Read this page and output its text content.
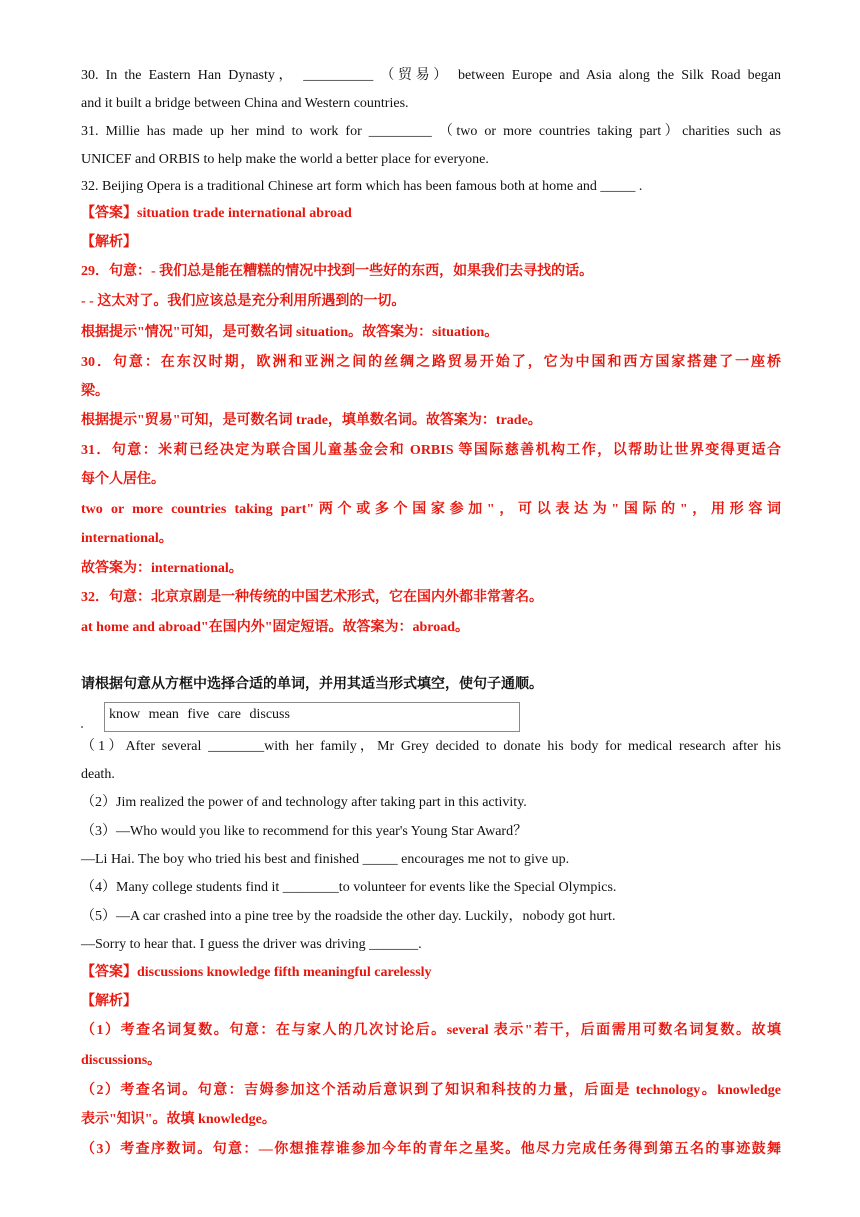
30. In the Eastern Han Dynasty， __________ （贸易） between Europe and Asia along the Silk Road began
and it built a bridge between China and Western countries.
31. Millie has made up her mind to work for _________ （two or more countries taking part）charities such as
UNICEF and ORBIS to help make the world a better place for everyone.
32. Beijing Opera is a traditional Chinese art form which has been famous both at home and _____ .
【答案】situation trade international abroad
【解析】
29．句意：- 我们总是能在糟糕的情况中找到一些好的东西，如果我们去寻找的话。
- - 这太对了。我们应该总是充分利用所遇到的一切。
根据提示"情况"可知，是可数名词 situation。故答案为：situation。
30．句意：在东汉时期，欧洲和亚洲之间的丝绸之路贸易开始了，它为中国和西方国家搭建了一座桥
梁。
根据提示"贸易"可知，是可数名词 trade，填单数名词。故答案为：trade。
31．句意：米莉已经决定为联合国儿童基金会和 ORBIS 等国际慈善机构工作，以帮助让世界变得更适合
每个人居住。
two or more countries taking part"两个或多个国家参加"，可以表达为"国际的"，用形容词
international。
故答案为：international。
32．句意：北京京剧是一种传统的中国艺术形式，它在国内外都非常著名。
at home and abroad"在国内外"固定短语。故答案为：abroad。
请根据句意从方框中选择合适的单词，并用其适当形式填空，使句子通顺。
know mean five care discuss
（1）After several ________with her family，Mr Grey decided to donate his body for medical research after his
death.
（2）Jim realized the power of and technology after taking part in this activity.
（3）—Who would you like to recommend for this year's Young Star Award？
—Li Hai. The boy who tried his best and finished _____ encourages me not to give up.
（4）Many college students find it ________to volunteer for events like the Special Olympics.
（5）—A car crashed into a pine tree by the roadside the other day. Luckily，nobody got hurt.
—Sorry to hear that. I guess the driver was driving _______.
【答案】discussions knowledge fifth meaningful carelessly
【解析】
（1）考查名词复数。句意：在与家人的几次讨论后。several 表示"若干，后面需用可数名词复数。故填
discussions。
（2）考查名词。句意：吉姆参加这个活动后意识到了知识和科技的力量，后面是 technology。knowledge
表示"知识"。故填 knowledge。
（3）考查序数词。句意：—你想推荐谁参加今年的青年之星奖。他尽力完成任务得到第五名的事迹鼓舞
